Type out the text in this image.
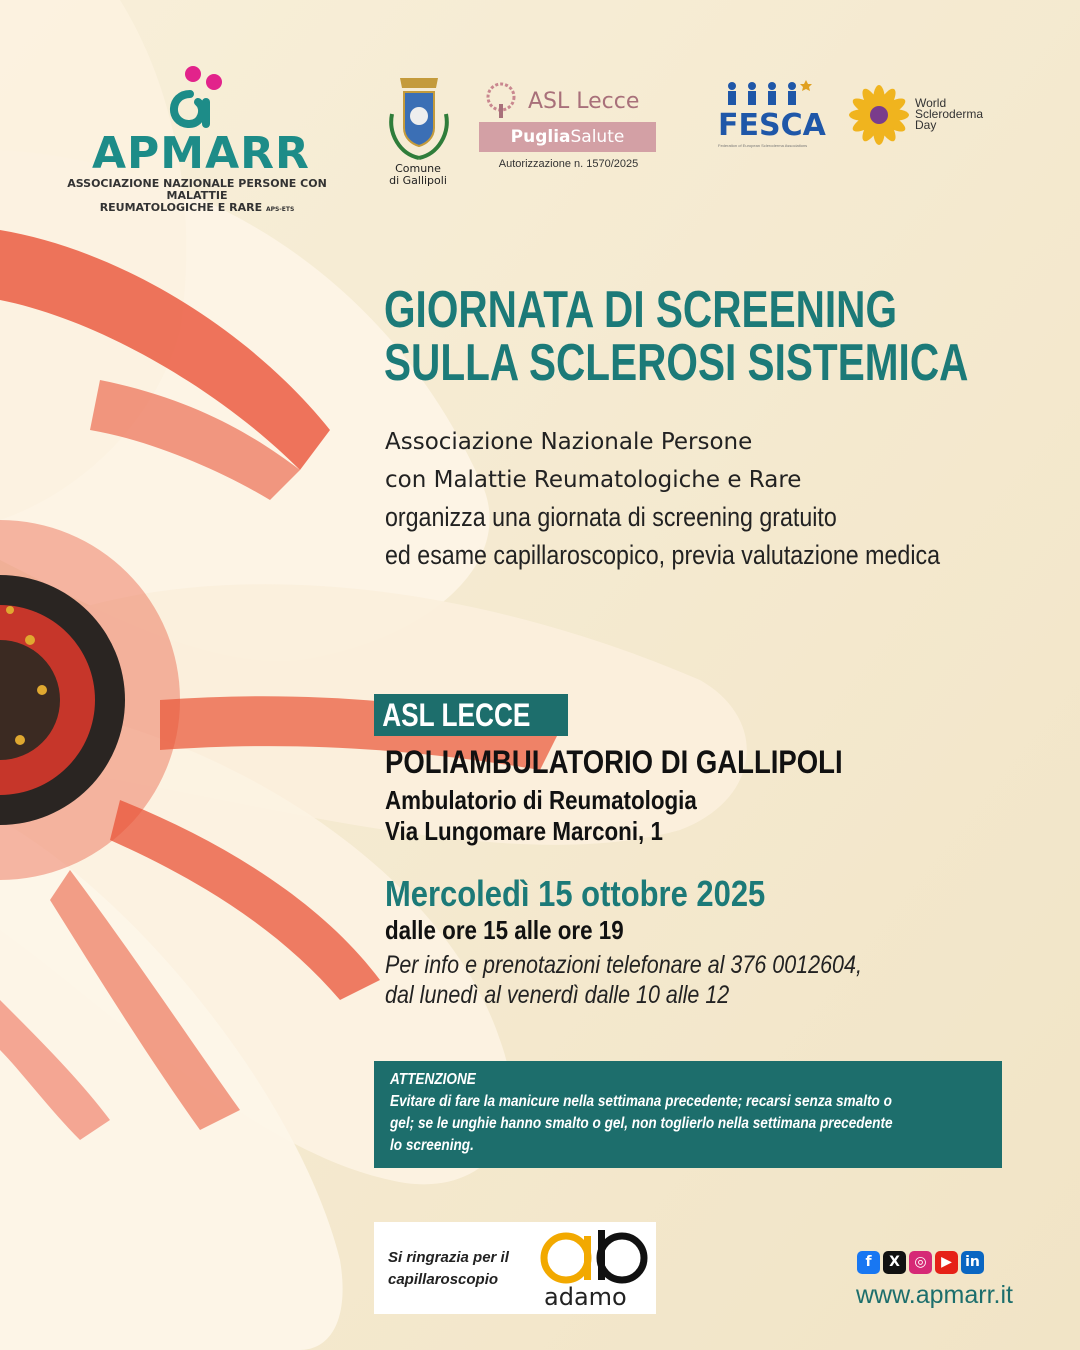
APMARR
ASSOCIAZIONE NAZIONALE PERSONE CON MALATTIE
REUMATOLOGICHE E RARE APS-ETS
Comune
di Gallipoli
ASL Lecce
PugliaSalute
Autorizzazione n. 1570/2025
FESCA
Federation of European Scleroderma Associations
World
Scleroderma
Day
GIORNATA DI SCREENING
SULLA SCLEROSI SISTEMICA
Associazione Nazionale Persone
con Malattie Reumatologiche e Rare
organizza una giornata di screening gratuito
ed esame capillaroscopico, previa valutazione medica
ASL LECCE
POLIAMBULATORIO DI GALLIPOLI
Ambulatorio di Reumatologia
Via Lungomare Marconi, 1
Mercoledì 15 ottobre 2025
dalle ore 15 alle ore 19
Per info e prenotazioni telefonare al 376 0012604,
dal lunedì al venerdì dalle 10 alle 12
ATTENZIONE
Evitare di fare la manicure nella settimana precedente; recarsi senza smalto o
gel; se le unghie hanno smalto o gel, non toglierlo nella settimana precedente
lo screening.
Si ringrazia per il
capillaroscopio
adamo
f X ◎ ▶ in
www.apmarr.it
